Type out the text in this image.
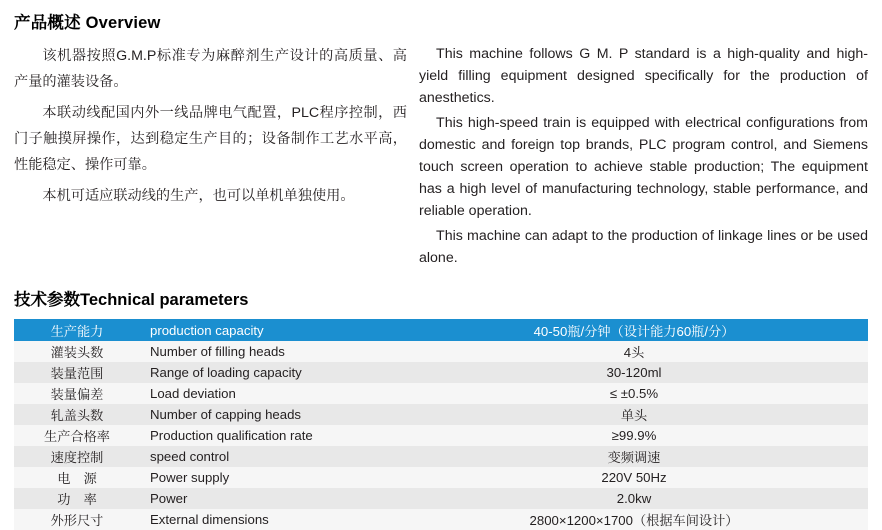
产品概述 Overview

该机器按照G.M.P标准专为麻醉剂生产设计的高质量、高产量的灌装设备。

本联动线配国内外一线品牌电气配置，PLC程序控制，西门子触摸屏操作，达到稳定生产目的；设备制作工艺水平高，性能稳定、操作可靠。

本机可适应联动线的生产，也可以单机单独使用。

This machine follows G M. P standard is a high-quality and high-yield filling equipment designed specifically for the production of anesthetics.

This high-speed train is equipped with electrical configurations from domestic and foreign top brands, PLC program control, and Siemens touch screen operation to achieve stable production; The equipment has a high level of manufacturing technology, stable performance, and reliable operation.

This machine can adapt to the production of linkage lines or be used alone.

技术参数Technical parameters
生产能力	production capacity	40-50瓶/分钟（设计能力60瓶/分）
灌装头数	Number of filling heads	4头
装量范围	Range of loading capacity	30-120ml
装量偏差	Load deviation	≤ ±0.5%
轧盖头数	Number of capping heads	单头
生产合格率	Production qualification rate	≥99.9%
速度控制	speed control	变频调速
电　源	Power supply	220V 50Hz
功　率	Power	2.0kw
外形尺寸	External dimensions	2800×1200×1700（根据车间设计）
